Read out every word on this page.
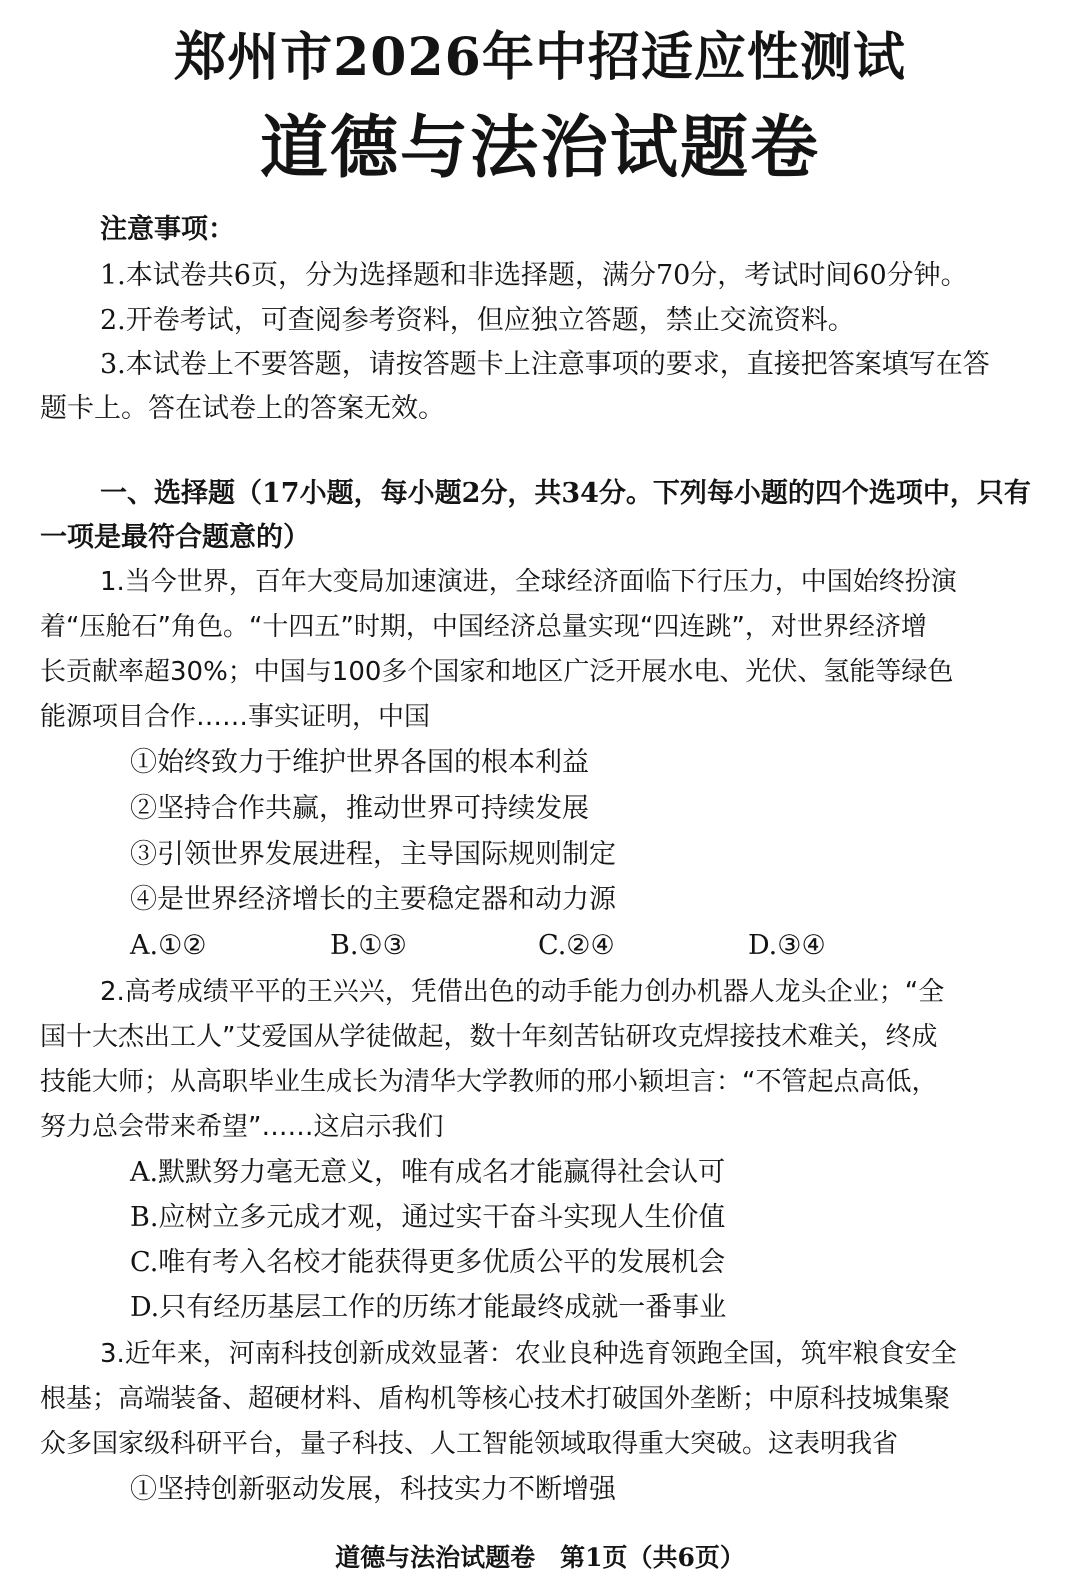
郑州市2026年中招适应性测试
道德与法治试题卷
注意事项：
1.本试卷共6页，分为选择题和非选择题，满分70分，考试时间60分钟。
2.开卷考试，可查阅参考资料，但应独立答题，禁止交流资料。
3.本试卷上不要答题，请按答题卡上注意事项的要求，直接把答案填写在答
题卡上。答在试卷上的答案无效。
一、选择题（17小题，每小题2分，共34分。下列每小题的四个选项中，只有
一项是最符合题意的）
1.当今世界，百年大变局加速演进，全球经济面临下行压力，中国始终扮演
着“压舱石”角色。“十四五”时期，中国经济总量实现“四连跳”，对世界经济增
长贡献率超30%；中国与100多个国家和地区广泛开展水电、光伏、氢能等绿色
能源项目合作……事实证明，中国
①始终致力于维护世界各国的根本利益
②坚持合作共赢，推动世界可持续发展
③引领世界发展进程，主导国际规则制定
④是世界经济增长的主要稳定器和动力源
A.①②	B.①③	C.②④	D.③④
2.高考成绩平平的王兴兴，凭借出色的动手能力创办机器人龙头企业；“全
国十大杰出工人”艾爱国从学徒做起，数十年刻苦钻研攻克焊接技术难关，终成
技能大师；从高职毕业生成长为清华大学教师的邢小颖坦言：“不管起点高低，
努力总会带来希望”……这启示我们
A.默默努力毫无意义，唯有成名才能赢得社会认可
B.应树立多元成才观，通过实干奋斗实现人生价值
C.唯有考入名校才能获得更多优质公平的发展机会
D.只有经历基层工作的历练才能最终成就一番事业
3.近年来，河南科技创新成效显著：农业良种选育领跑全国，筑牢粮食安全
根基；高端装备、超硬材料、盾构机等核心技术打破国外垄断；中原科技城集聚
众多国家级科研平台，量子科技、人工智能领域取得重大突破。这表明我省
①坚持创新驱动发展，科技实力不断增强
道德与法治试题卷　第1页（共6页）
